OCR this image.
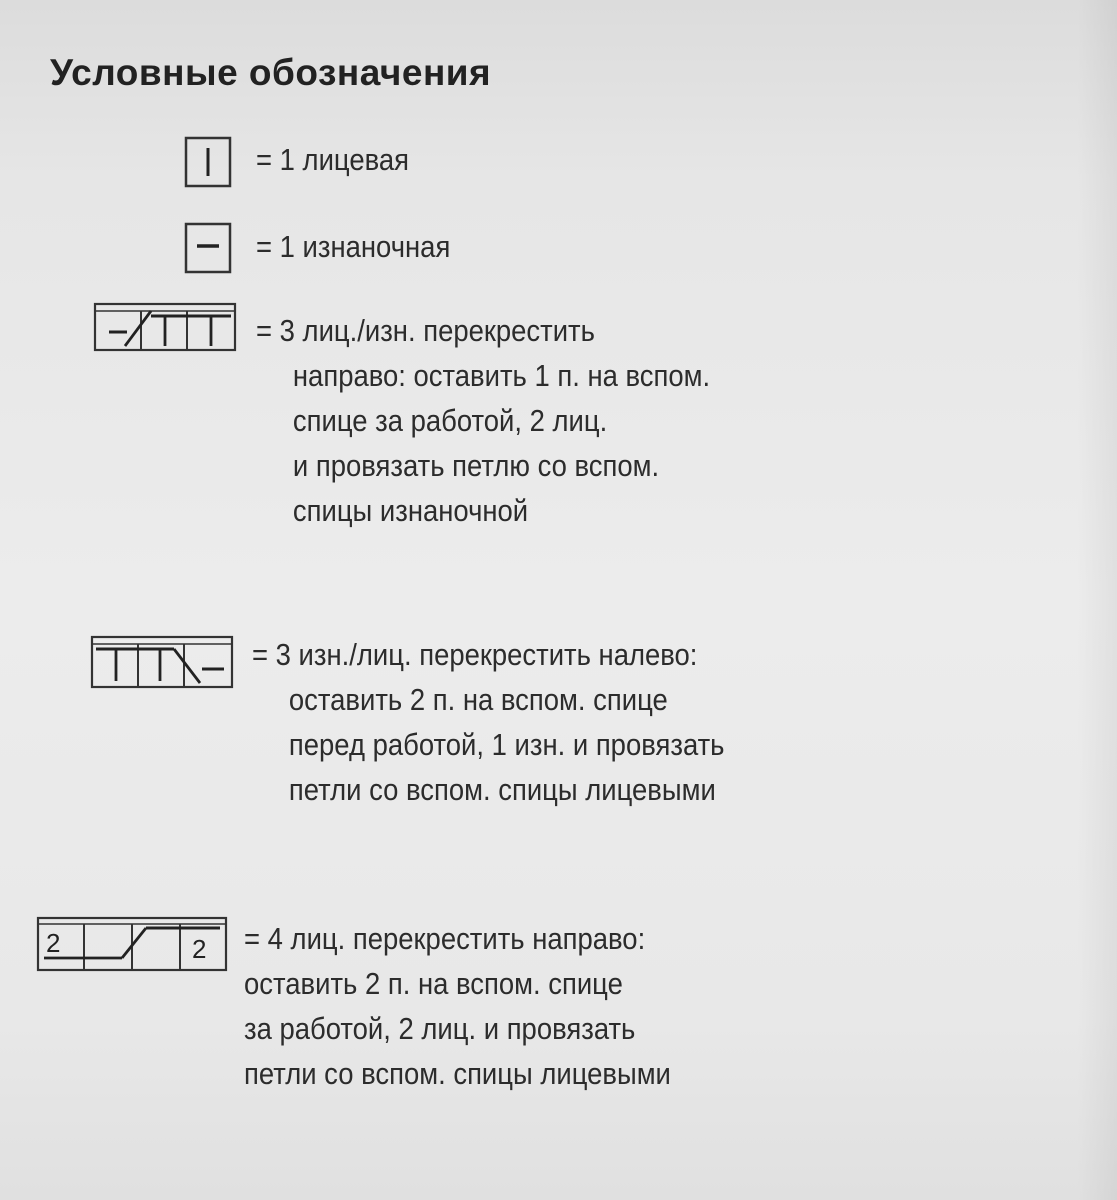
Условные обозначения
= 1 лицевая
= 1 изнаночная
= 3 лиц./изн. перекрестить
направо: оставить 1 п. на вспом.
спице за работой, 2 лиц.
и провязать петлю со вспом.
спицы изнаночной
= 3 изн./лиц. перекрестить налево:
оставить 2 п. на вспом. спице
перед работой, 1 изн. и провязать
петли со вспом. спицы лицевыми
2	2 = 4 лиц. перекрестить направо:
оставить 2 п. на вспом. спице
за работой, 2 лиц. и провязать
петли со вспом. спицы лицевыми
